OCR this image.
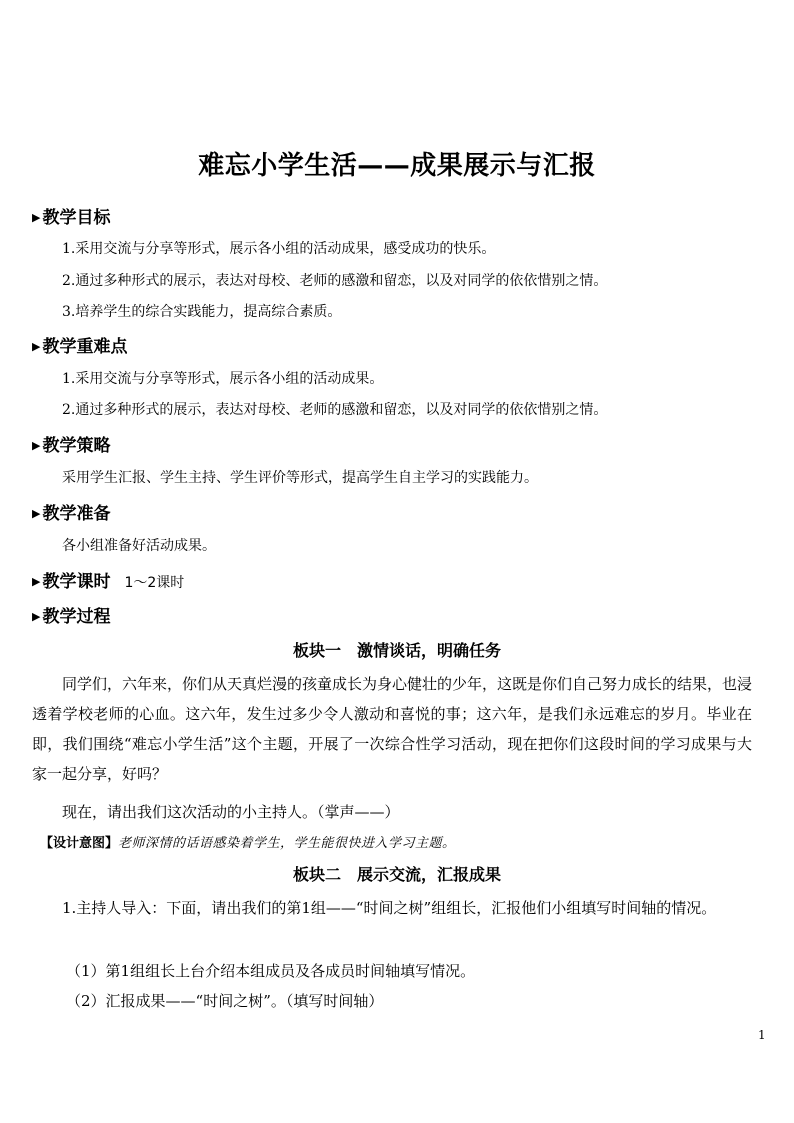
难忘小学生活——成果展示与汇报
▶ 教学目标
1.采用交流与分享等形式，展示各小组的活动成果，感受成功的快乐。
2.通过多种形式的展示，表达对母校、老师的感激和留恋，以及对同学的依依惜别之情。
3.培养学生的综合实践能力，提高综合素质。
▶ 教学重难点
1.采用交流与分享等形式，展示各小组的活动成果。
2.通过多种形式的展示，表达对母校、老师的感激和留恋，以及对同学的依依惜别之情。
▶ 教学策略
采用学生汇报、学生主持、学生评价等形式，提高学生自主学习的实践能力。
▶ 教学准备
各小组准备好活动成果。
▶ 教学课时 1～2课时
▶ 教学过程
板块一　激情谈话，明确任务
同学们，六年来，你们从天真烂漫的孩童成长为身心健壮的少年，这既是你们自己努力成长的结果，也浸透着学校老师的心血。这六年，发生过多少令人激动和喜悦的事；这六年，是我们永远难忘的岁月。毕业在即，我们围绕“难忘小学生活”这个主题，开展了一次综合性学习活动，现在把你们这段时间的学习成果与大家一起分享，好吗？
现在，请出我们这次活动的小主持人。（掌声——）
【设计意图】老师深情的话语感染着学生，学生能很快进入学习主题。
板块二　展示交流，汇报成果
1.主持人导入：下面，请出我们的第1组——“时间之树”组组长，汇报他们小组填写时间轴的情况。
（1）第1组组长上台介绍本组成员及各成员时间轴填写情况。
（2）汇报成果——“时间之树”。（填写时间轴）
1
